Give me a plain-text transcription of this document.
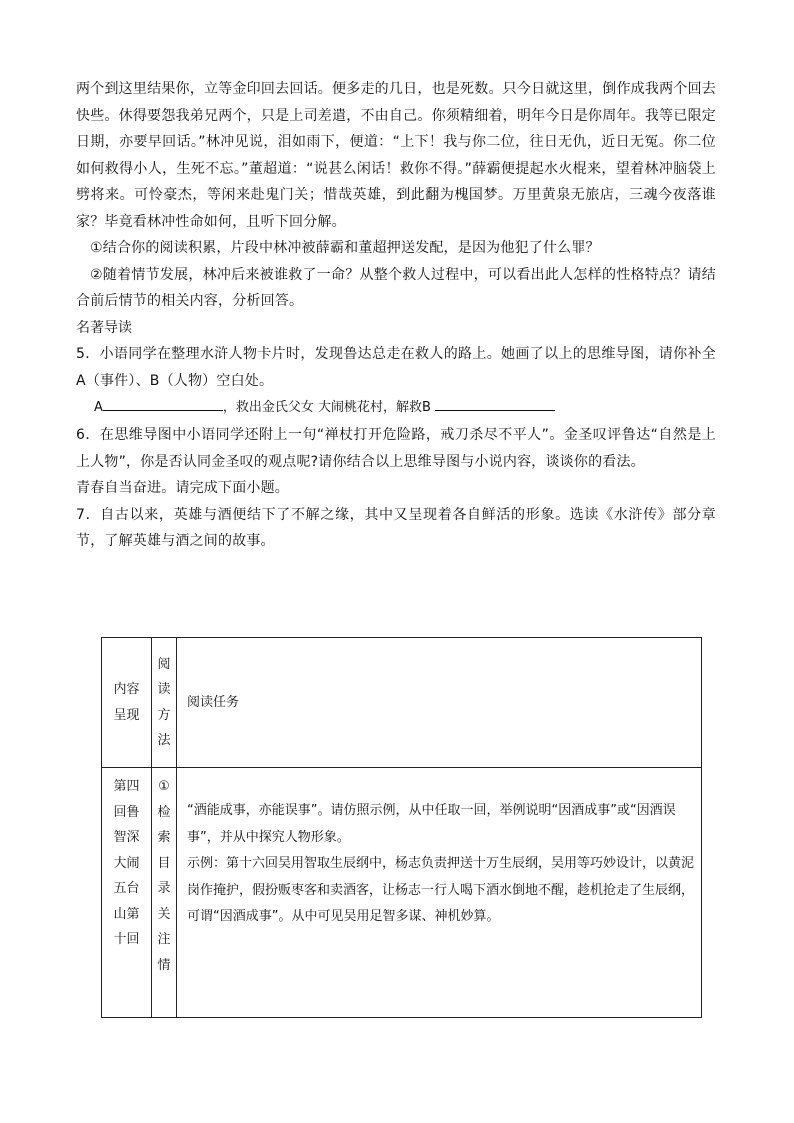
两个到这里结果你，立等金印回去回话。便多走的几日，也是死数。只今日就这里，倒作成我两个回去快些。休得要怨我弟兄两个，只是上司差遣，不由自己。你须精细着，明年今日是你周年。我等已限定日期，亦要早回话。”林冲见说，泪如雨下，便道：“上下！我与你二位，往日无仇，近日无冤。你二位如何救得小人，生死不忘。”董超道：“说甚么闲话！救你不得。”薛霸便提起水火棍来，望着林冲脑袋上劈将来。可怜豪杰，等闲来赴鬼门关；惜哉英雄，到此翻为槐国梦。万里黄泉无旅店，三魂今夜落谁家？毕竟看林冲性命如何，且听下回分解。

①结合你的阅读积累，片段中林冲被薛霸和董超押送发配，是因为他犯了什么罪？

②随着情节发展，林冲后来被谁救了一命？从整个救人过程中，可以看出此人怎样的性格特点？请结合前后情节的相关内容，分析回答。

名著导读

5．小语同学在整理水浒人物卡片时，发现鲁达总走在救人的路上。她画了以上的思维导图，请你补全A（事件）、B（人物）空白处。

A	，救出金氏父女 大闹桃花村，解救B

6．在思维导图中小语同学还附上一句“禅杖打开危险路，戒刀杀尽不平人”。金圣叹评鲁达“自然是上上人物”，你是否认同金圣叹的观点呢?请你结合以上思维导图与小说内容，谈谈你的看法。

青春自当奋进。请完成下面小题。

7．自古以来，英雄与酒便结下了不解之缘，其中又呈现着各自鲜活的形象。选读《水浒传》部分章节，了解英雄与酒之间的故事。

内容呈现	阅读方法	阅读任务

第四回鲁智深大闹五台山第十回	①检索目录关注情	“酒能成事，亦能误事”。请仿照示例，从中任取一回，举例说明“因酒成事”或“因酒误事”，并从中探究人物形象。

示例：第十六回吴用智取生辰纲中，杨志负责押送十万生辰纲，吴用等巧妙设计，以黄泥岗作掩护，假扮贩枣客和卖酒客，让杨志一行人喝下酒水倒地不醒，趁机抢走了生辰纲，可谓“因酒成事”。从中可见吴用足智多谋、神机妙算。
